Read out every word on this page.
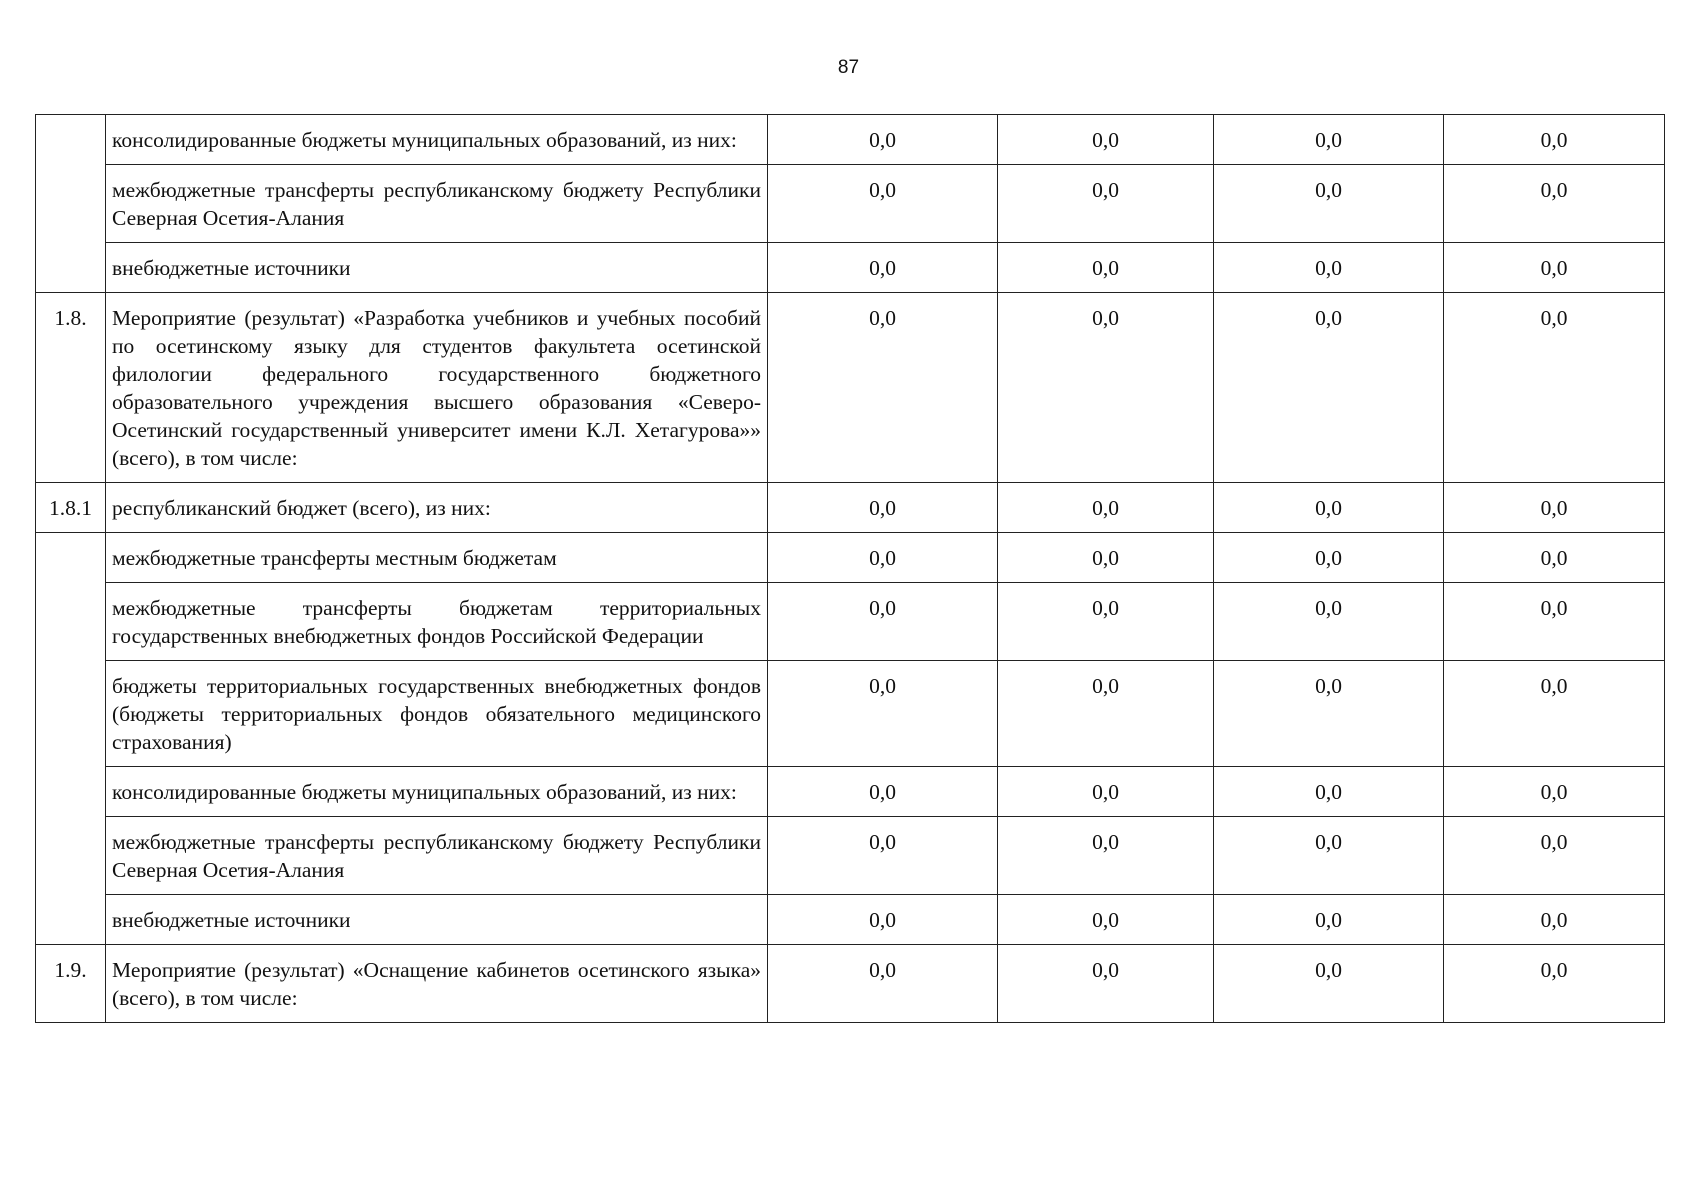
87
	консолидированные бюджеты муниципальных образований, из них:	0,0	0,0	0,0	0,0
	межбюджетные трансферты республиканскому бюджету Республики Северная Осетия-Алания	0,0	0,0	0,0	0,0
	внебюджетные источники	0,0	0,0	0,0	0,0
1.8.	Мероприятие (результат) «Разработка учебников и учебных пособий по осетинскому языку для студентов факультета осетинской филологии федерального государственного бюджетного образовательного учреждения высшего образования «Северо-Осетинский государственный университет имени К.Л. Хетагурова»» (всего), в том числе:	0,0	0,0	0,0	0,0
1.8.1	республиканский бюджет (всего), из них:	0,0	0,0	0,0	0,0
	межбюджетные трансферты местным бюджетам	0,0	0,0	0,0	0,0
	межбюджетные трансферты бюджетам территориальных государственных внебюджетных фондов Российской Федерации	0,0	0,0	0,0	0,0
	бюджеты территориальных государственных внебюджетных фондов (бюджеты территориальных фондов обязательного медицинского страхования)	0,0	0,0	0,0	0,0
	консолидированные бюджеты муниципальных образований, из них:	0,0	0,0	0,0	0,0
	межбюджетные трансферты республиканскому бюджету Республики Северная Осетия-Алания	0,0	0,0	0,0	0,0
	внебюджетные источники	0,0	0,0	0,0	0,0
1.9.	Мероприятие (результат) «Оснащение кабинетов осетинского языка» (всего), в том числе:	0,0	0,0	0,0	0,0
